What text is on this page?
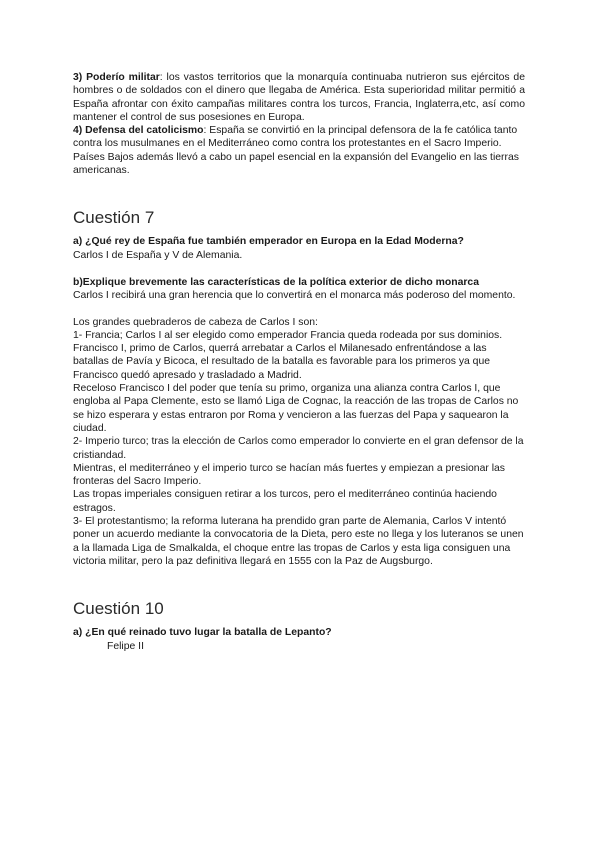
3) Poderío militar: los vastos territorios que la monarquía continuaba nutrieron sus ejércitos de hombres o de soldados con el dinero que llegaba de América. Esta superioridad militar permitió a España afrontar con éxito campañas militares contra los turcos, Francia, Inglaterra,etc, así como mantener el control de sus posesiones en Europa.

4) Defensa del catolicismo: España se convirtió en la principal defensora de la fe católica tanto contra los musulmanes en el Mediterráneo como contra los protestantes en el Sacro Imperio. Países Bajos además llevó a cabo un papel esencial en la expansión del Evangelio en las tierras americanas.

Cuestión 7

a) ¿Qué rey de España fue también emperador en Europa en la Edad Moderna?

Carlos I de España y V de Alemania.

b)Explique brevemente las características de la política exterior de dicho monarca

Carlos I recibirá una gran herencia que lo convertirá en el monarca más poderoso del momento.

Los grandes quebraderos de cabeza de Carlos I son:

1- Francia; Carlos I al ser elegido como emperador Francia queda rodeada por sus dominios. Francisco I, primo de Carlos, querrá arrebatar a Carlos el Milanesado enfrentándose a las batallas de Pavía y Bicoca, el resultado de la batalla es favorable para los primeros ya que Francisco quedó apresado y trasladado a Madrid.

Receloso Francisco I del poder que tenía su primo, organiza una alianza contra Carlos I, que engloba al Papa Clemente, esto se llamó Liga de Cognac, la reacción de las tropas de Carlos no se hizo esperara y estas entraron por Roma y vencieron a las fuerzas del Papa y saquearon la ciudad.

2- Imperio turco; tras la elección de Carlos como emperador lo convierte en el gran defensor de la cristiandad.

Mientras, el mediterráneo y el imperio turco se hacían más fuertes y empiezan a presionar las fronteras del Sacro Imperio.

Las tropas imperiales consiguen retirar a los turcos, pero el mediterráneo continúa haciendo estragos.

3- El protestantismo; la reforma luterana ha prendido gran parte de Alemania, Carlos V intentó poner un acuerdo mediante la convocatoria de la Dieta, pero este no llega y los luteranos se unen a la llamada Liga de Smalkalda, el choque entre las tropas de Carlos y esta liga consiguen una victoria militar, pero la paz definitiva llegará en 1555 con la Paz de Augsburgo.

Cuestión 10

a) ¿En qué reinado tuvo lugar la batalla de Lepanto?

Felipe II
